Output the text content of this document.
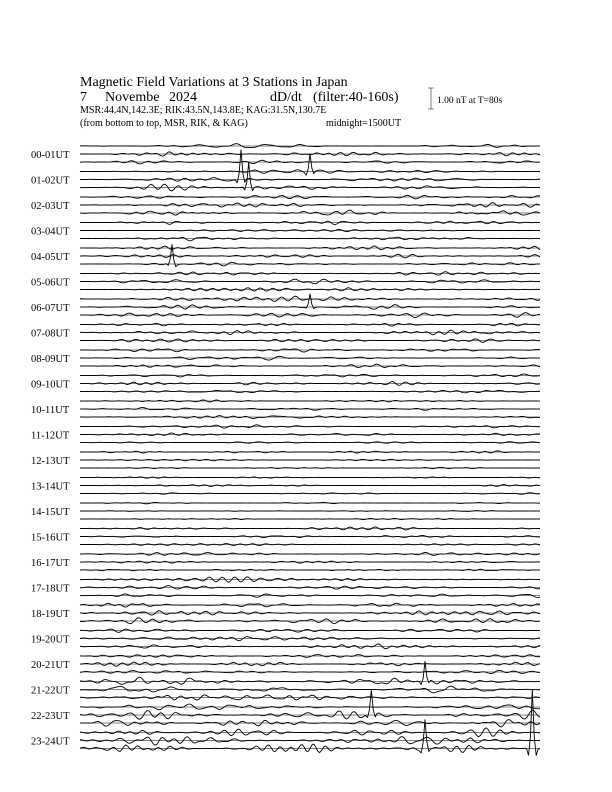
Magnetic Field Variations at 3 Stations in Japan
7 Novembe 2024	dD/dt (filter:40-160s)
MSR:44.4N,142.3E; RIK:43.5N,143.8E; KAG:31.5N,130.7E
(from bottom to top, MSR, RIK, & KAG)	midnight=1500UT
1.00 nT at T=80s
00-01UT
01-02UT
02-03UT
03-04UT
04-05UT
05-06UT
06-07UT
07-08UT
08-09UT
09-10UT
10-11UT
11-12UT
12-13UT
13-14UT
14-15UT
15-16UT
16-17UT
17-18UT
18-19UT
19-20UT
20-21UT
21-22UT
22-23UT
23-24UT
